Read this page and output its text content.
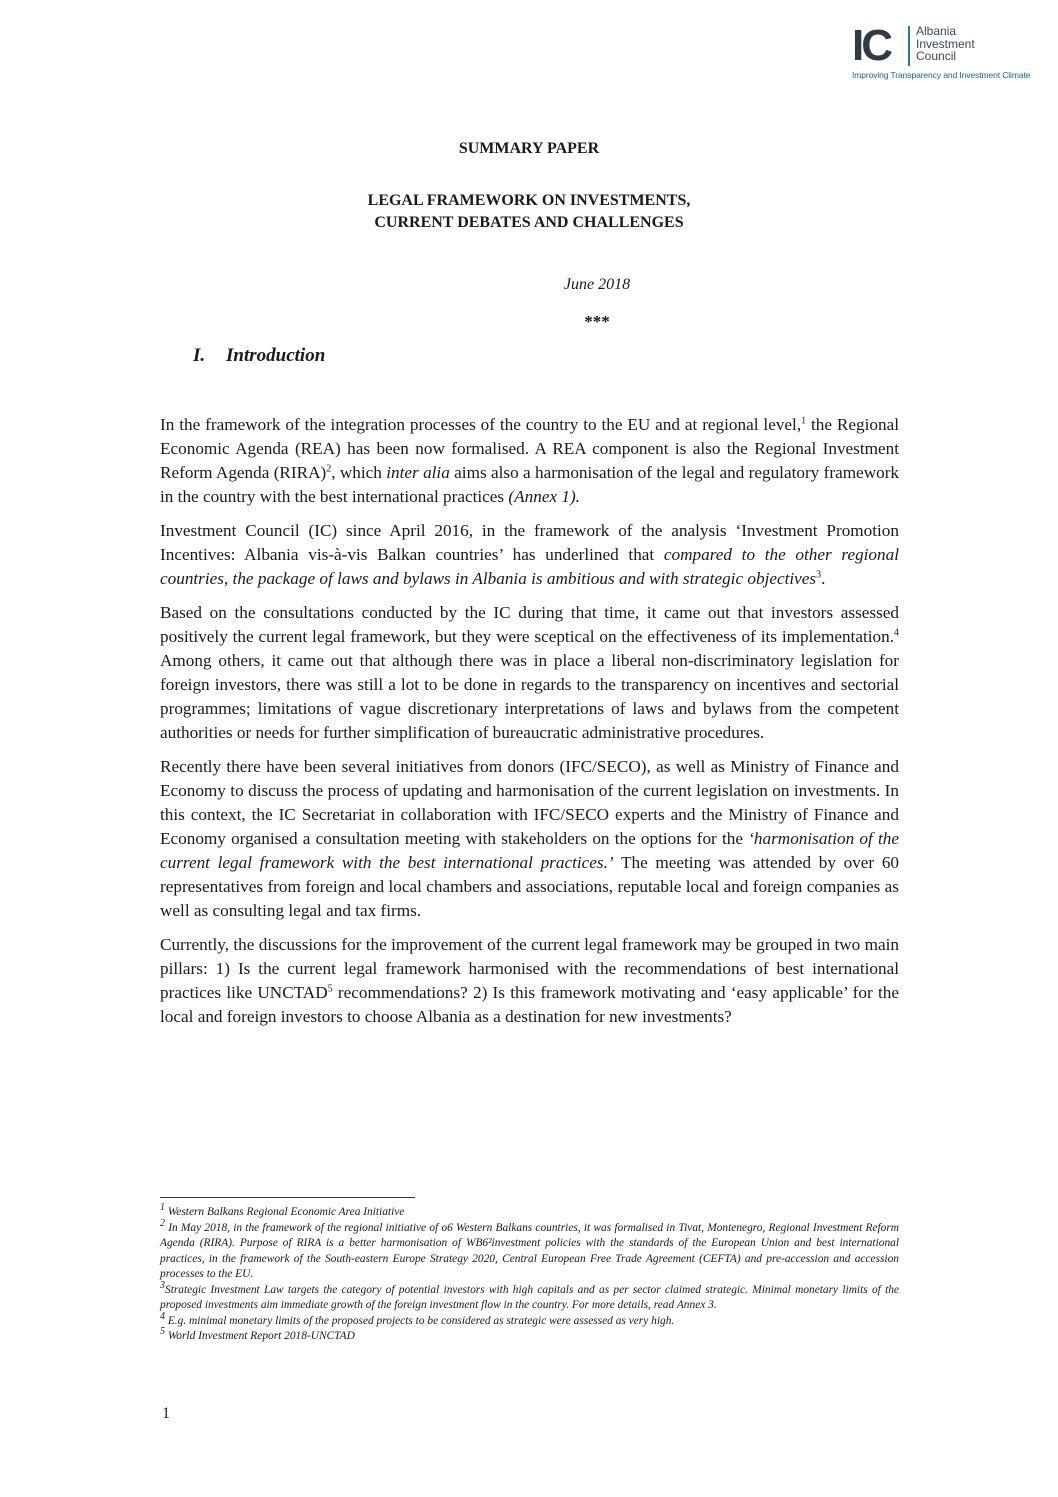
IC Albania
Investment
Council
Improving Transparency and Investment Climate
SUMMARY PAPER
LEGAL FRAMEWORK ON INVESTMENTS,
CURRENT DEBATES AND CHALLENGES
June 2018
***
I. Introduction

In the framework of the integration processes of the country to the EU and at regional level,$^1$ the Regional Economic Agenda (REA) has been now formalised. A REA component is also the Regional Investment Reform Agenda (RIRA)$^2$, which inter alia aims also a harmonisation of the legal and regulatory framework in the country with the best international practices (Annex 1).

Investment Council (IC) since April 2016, in the framework of the analysis ‘Investment Promotion Incentives: Albania vis-à-vis Balkan countries’ has underlined that compared to the other regional countries, the package of laws and bylaws in Albania is ambitious and with strategic objectives$^3$.

Based on the consultations conducted by the IC during that time, it came out that investors assessed positively the current legal framework, but they were sceptical on the effectiveness of its implementation.$^4$ Among others, it came out that although there was in place a liberal non-discriminatory legislation for foreign investors, there was still a lot to be done in regards to the transparency on incentives and sectorial programmes; limitations of vague discretionary interpretations of laws and bylaws from the competent authorities or needs for further simplification of bureaucratic administrative procedures.

Recently there have been several initiatives from donors (IFC/SECO), as well as Ministry of Finance and Economy to discuss the process of updating and harmonisation of the current legislation on investments. In this context, the IC Secretariat in collaboration with IFC/SECO experts and the Ministry of Finance and Economy organised a consultation meeting with stakeholders on the options for the ‘harmonisation of the current legal framework with the best international practices.’ The meeting was attended by over 60 representatives from foreign and local chambers and associations, reputable local and foreign companies as well as consulting legal and tax firms.

Currently, the discussions for the improvement of the current legal framework may be grouped in two main pillars: 1) Is the current legal framework harmonised with the recommendations of best international practices like UNCTAD$^5$ recommendations? 2) Is this framework motivating and ‘easy applicable’ for the local and foreign investors to choose Albania as a destination for new investments?

$^1$ Western Balkans Regional Economic Area Initiative
$^2$ In May 2018, in the framework of the regional initiative of o6 Western Balkans countries, it was formalised in Tivat, Montenegro, Regional Investment Reform Agenda (RIRA). Purpose of RIRA is a better harmonisation of WB6²investment policies with the standards of the European Union and best international practices, in the framework of the South-eastern Europe Strategy 2020, Central European Free Trade Agreement (CEFTA) and pre-accession and accession processes to the EU.
$^3$Strategic Investment Law targets the category of potential investors with high capitals and as per sector claimed strategic. Minimal monetary limits of the proposed investments aim immediate growth of the foreign investment flow in the country. For more details, read Annex 3.
$^4$ E.g. minimal monetary limits of the proposed projects to be considered as strategic were assessed as very high.
$^5$ World Investment Report 2018-UNCTAD
1
